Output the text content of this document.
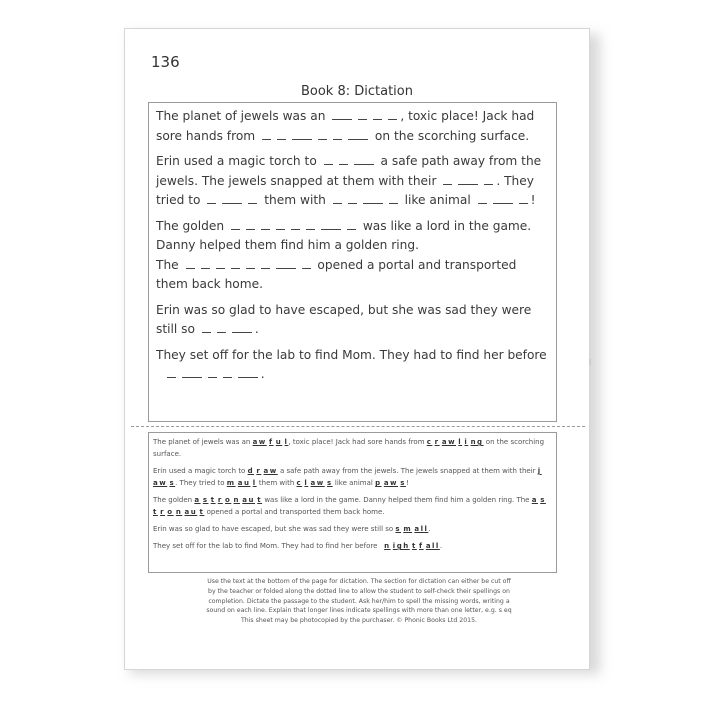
136
Book 8: Dictation

The planet of jewels was an	, toxic place! Jack had sore hands from	on the scorching surface.

Erin used a magic torch to	a safe path away from the jewels. The jewels snapped at them with their	. They tried to	them with	like animal	!

The golden	was like a lord in the game. Danny helped them find him a golden ring.

The	opened a portal and transported them back home.

Erin was so glad to have escaped, but she was sad they were still so	.

They set off for the lab to find Mom. They had to find her before   .

The planet of jewels was an aw f u l, toxic place! Jack had sore hands from c r aw l i ng on the scorching surface.

Erin used a magic torch to d r aw a safe path away from the jewels. The jewels snapped at them with their j aw s. They tried to m au l them with c l aw s like animal p aw s!

The golden a s t r o n au t was like a lord in the game. Danny helped them find him a golden ring. The a s t r o n au t opened a portal and transported them back home.

Erin was so glad to have escaped, but she was sad they were still so s m all.

They set off for the lab to find Mom. They had to find her before n igh t f all.

Use the text at the bottom of the page for dictation. The section for dictation can either be cut off
by the teacher or folded along the dotted line to allow the student to self-check their spellings on
completion. Dictate the passage to the student. Ask her/him to spell the missing words, writing a
sound on each line. Explain that longer lines indicate spellings with more than one letter, e.g. s eq
This sheet may be photocopied by the purchaser. © Phonic Books Ltd 2015.
